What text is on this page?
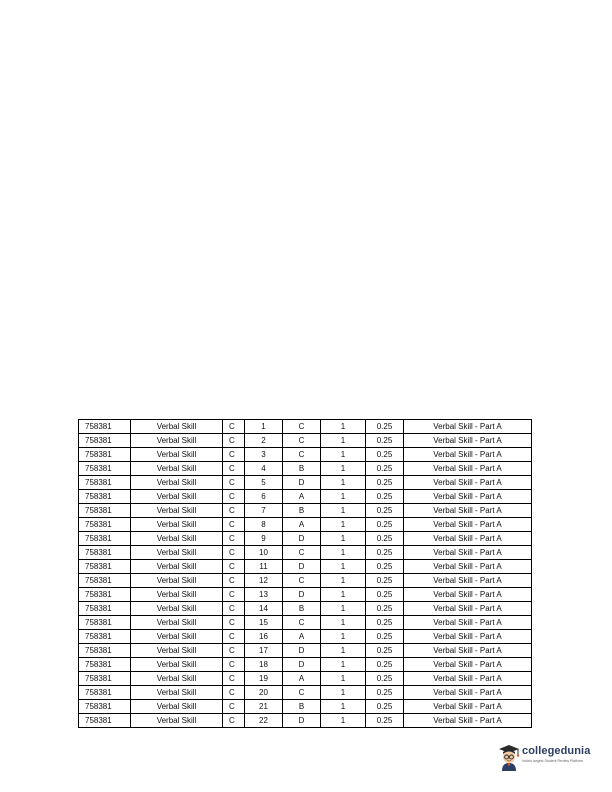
758381	Verbal Skill	C	1	C	1	0.25	Verbal Skill - Part A
758381	Verbal Skill	C	2	C	1	0.25	Verbal Skill - Part A
758381	Verbal Skill	C	3	C	1	0.25	Verbal Skill - Part A
758381	Verbal Skill	C	4	B	1	0.25	Verbal Skill - Part A
758381	Verbal Skill	C	5	D	1	0.25	Verbal Skill - Part A
758381	Verbal Skill	C	6	A	1	0.25	Verbal Skill - Part A
758381	Verbal Skill	C	7	B	1	0.25	Verbal Skill - Part A
758381	Verbal Skill	C	8	A	1	0.25	Verbal Skill - Part A
758381	Verbal Skill	C	9	D	1	0.25	Verbal Skill - Part A
758381	Verbal Skill	C	10	C	1	0.25	Verbal Skill - Part A
758381	Verbal Skill	C	11	D	1	0.25	Verbal Skill - Part A
758381	Verbal Skill	C	12	C	1	0.25	Verbal Skill - Part A
758381	Verbal Skill	C	13	D	1	0.25	Verbal Skill - Part A
758381	Verbal Skill	C	14	B	1	0.25	Verbal Skill - Part A
758381	Verbal Skill	C	15	C	1	0.25	Verbal Skill - Part A
758381	Verbal Skill	C	16	A	1	0.25	Verbal Skill - Part A
758381	Verbal Skill	C	17	D	1	0.25	Verbal Skill - Part A
758381	Verbal Skill	C	18	D	1	0.25	Verbal Skill - Part A
758381	Verbal Skill	C	19	A	1	0.25	Verbal Skill - Part A
758381	Verbal Skill	C	20	C	1	0.25	Verbal Skill - Part A
758381	Verbal Skill	C	21	B	1	0.25	Verbal Skill - Part A
758381	Verbal Skill	C	22	D	1	0.25	Verbal Skill - Part A
collegedunia
India's largest Student Review Platform
